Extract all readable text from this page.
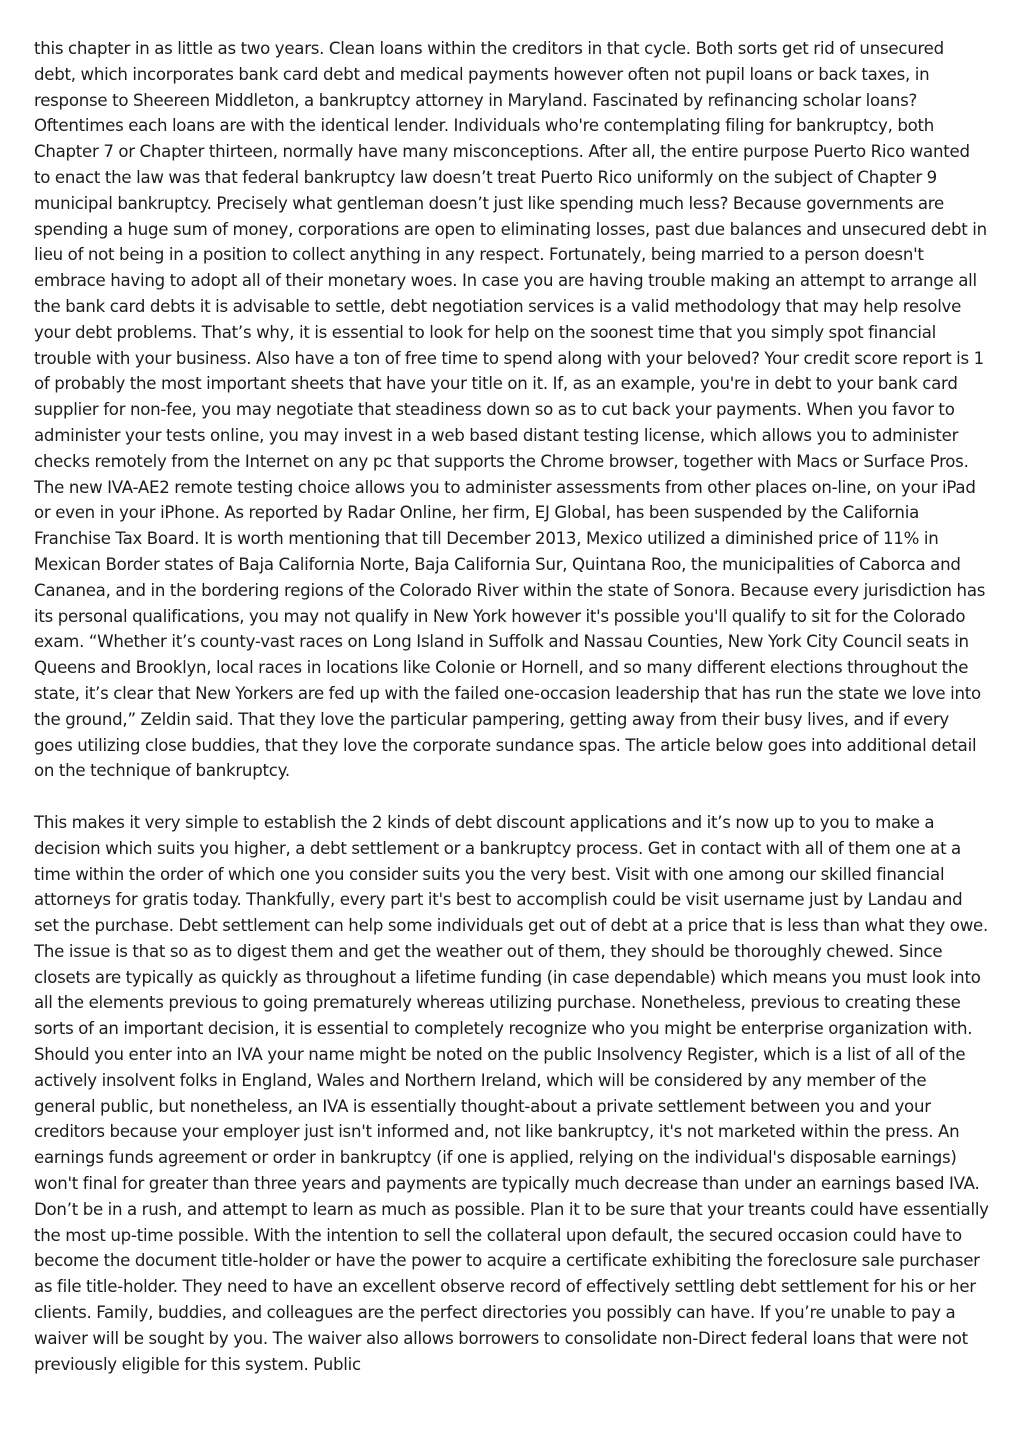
this chapter in as little as two years. Clean loans within the creditors in that cycle. Both sorts get rid of unsecured debt, which incorporates bank card debt and medical payments however often not pupil loans or back taxes, in response to Sheereen Middleton, a bankruptcy attorney in Maryland. Fascinated by refinancing scholar loans? Oftentimes each loans are with the identical lender. Individuals who're contemplating filing for bankruptcy, both Chapter 7 or Chapter thirteen, normally have many misconceptions. After all, the entire purpose Puerto Rico wanted to enact the law was that federal bankruptcy law doesn’t treat Puerto Rico uniformly on the subject of Chapter 9 municipal bankruptcy. Precisely what gentleman doesn’t just like spending much less? Because governments are spending a huge sum of money, corporations are open to eliminating losses, past due balances and unsecured debt in lieu of not being in a position to collect anything in any respect. Fortunately, being married to a person doesn't embrace having to adopt all of their monetary woes. In case you are having trouble making an attempt to arrange all the bank card debts it is advisable to settle, debt negotiation services is a valid methodology that may help resolve your debt problems. That’s why, it is essential to look for help on the soonest time that you simply spot financial trouble with your business. Also have a ton of free time to spend along with your beloved? Your credit score report is 1 of probably the most important sheets that have your title on it. If, as an example, you're in debt to your bank card supplier for non-fee, you may negotiate that steadiness down so as to cut back your payments. When you favor to administer your tests online, you may invest in a web based distant testing license, which allows you to administer checks remotely from the Internet on any pc that supports the Chrome browser, together with Macs or Surface Pros. The new IVA-AE2 remote testing choice allows you to administer assessments from other places on-line, on your iPad or even in your iPhone. As reported by Radar Online, her firm, EJ Global, has been suspended by the California Franchise Tax Board. It is worth mentioning that till December 2013, Mexico utilized a diminished price of 11% in Mexican Border states of Baja California Norte, Baja California Sur, Quintana Roo, the municipalities of Caborca and Cananea, and in the bordering regions of the Colorado River within the state of Sonora. Because every jurisdiction has its personal qualifications, you may not qualify in New York however it's possible you'll qualify to sit for the Colorado exam. “Whether it’s county-vast races on Long Island in Suffolk and Nassau Counties, New York City Council seats in Queens and Brooklyn, local races in locations like Colonie or Hornell, and so many different elections throughout the state, it’s clear that New Yorkers are fed up with the failed one-occasion leadership that has run the state we love into the ground,” Zeldin said. That they love the particular pampering, getting away from their busy lives, and if every goes utilizing close buddies, that they love the corporate sundance spas. The article below goes into additional detail on the technique of bankruptcy.

This makes it very simple to establish the 2 kinds of debt discount applications and it’s now up to you to make a decision which suits you higher, a debt settlement or a bankruptcy process. Get in contact with all of them one at a time within the order of which one you consider suits you the very best. Visit with one among our skilled financial attorneys for gratis today. Thankfully, every part it's best to accomplish could be visit username just by Landau and set the purchase. Debt settlement can help some individuals get out of debt at a price that is less than what they owe. The issue is that so as to digest them and get the weather out of them, they should be thoroughly chewed. Since closets are typically as quickly as throughout a lifetime funding (in case dependable) which means you must look into all the elements previous to going prematurely whereas utilizing purchase. Nonetheless, previous to creating these sorts of an important decision, it is essential to completely recognize who you might be enterprise organization with. Should you enter into an IVA your name might be noted on the public Insolvency Register, which is a list of all of the actively insolvent folks in England, Wales and Northern Ireland, which will be considered by any member of the general public, but nonetheless, an IVA is essentially thought-about a private settlement between you and your creditors because your employer just isn't informed and, not like bankruptcy, it's not marketed within the press. An earnings funds agreement or order in bankruptcy (if one is applied, relying on the individual's disposable earnings) won't final for greater than three years and payments are typically much decrease than under an earnings based IVA. Don’t be in a rush, and attempt to learn as much as possible. Plan it to be sure that your treants could have essentially the most up-time possible. With the intention to sell the collateral upon default, the secured occasion could have to become the document title-holder or have the power to acquire a certificate exhibiting the foreclosure sale purchaser as file title-holder. They need to have an excellent observe record of effectively settling debt settlement for his or her clients. Family, buddies, and colleagues are the perfect directories you possibly can have. If you’re unable to pay a waiver will be sought by you. The waiver also allows borrowers to consolidate non-Direct federal loans that were not previously eligible for this system. Public
